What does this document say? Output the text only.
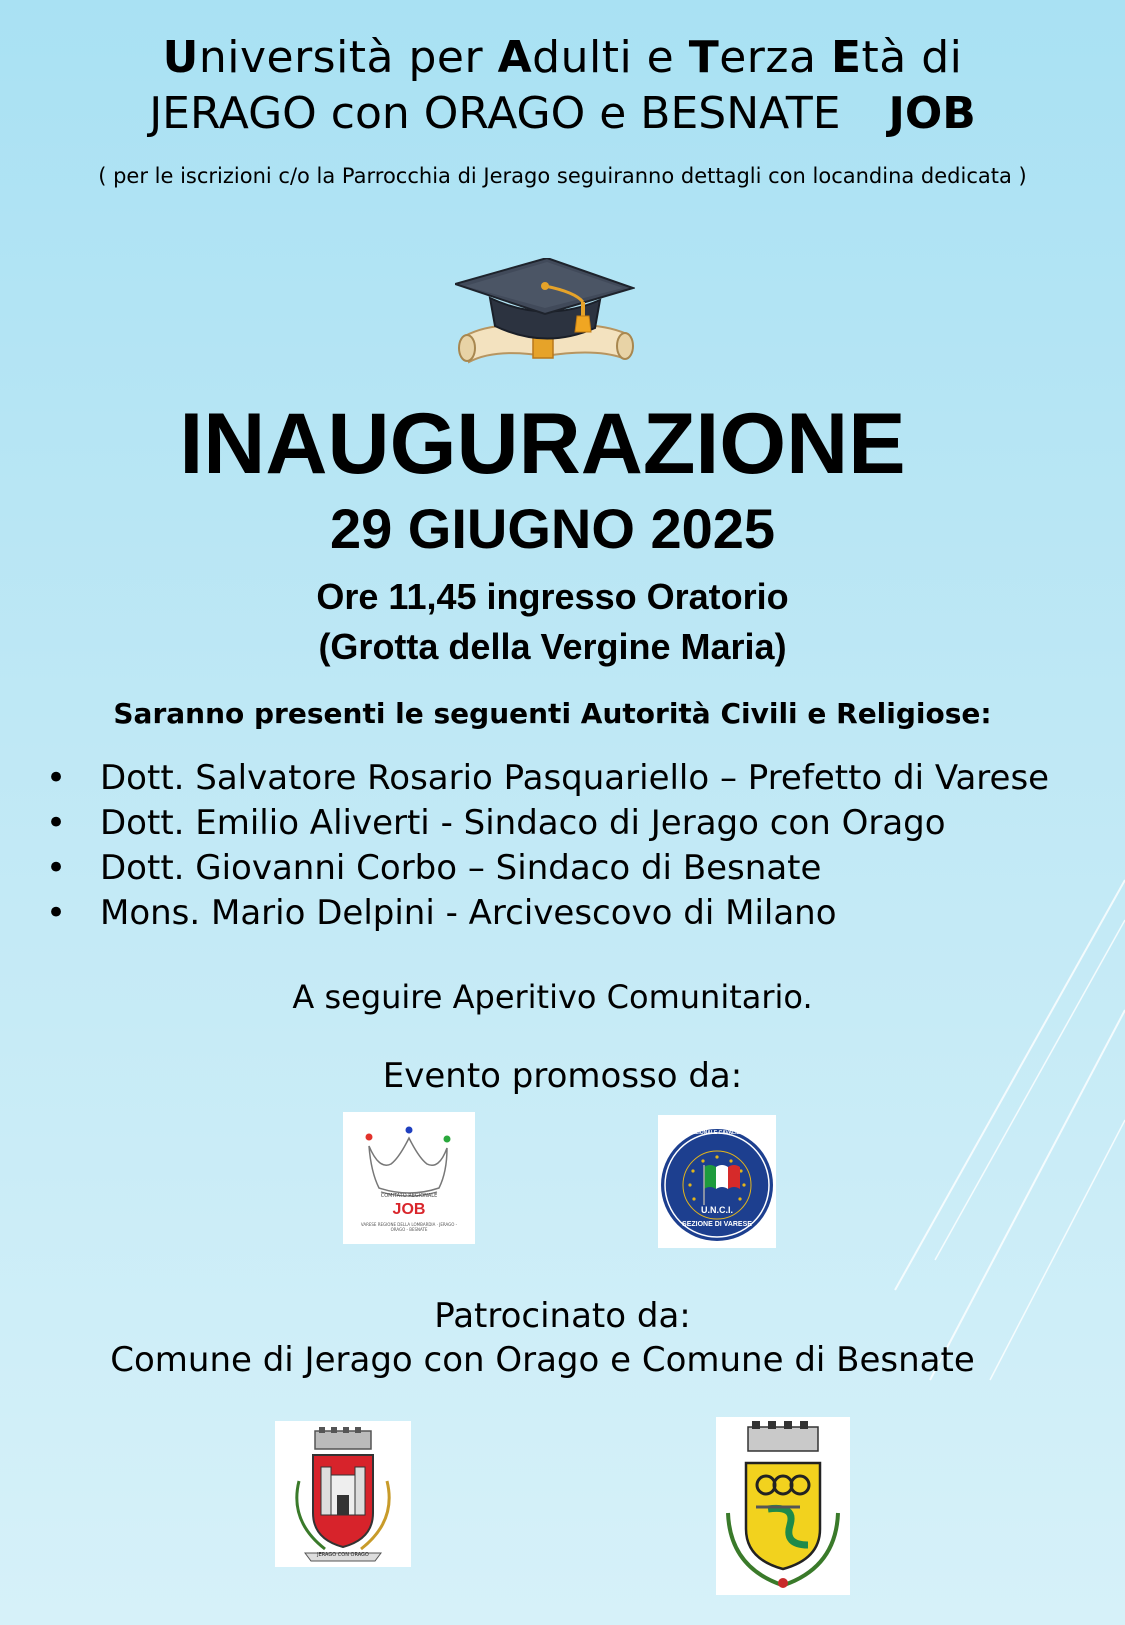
Università per Adulti e Terza Età di
JERAGO con ORAGO e BESNATE JOB
( per le iscrizioni c/o la Parrocchia di Jerago seguiranno dettagli con locandina dedicata )
INAUGURAZIONE
29 GIUGNO 2025
Ore 11,45 ingresso Oratorio
(Grotta della Vergine Maria)
Saranno presenti le seguenti Autorità Civili e Religiose:
• Dott. Salvatore Rosario Pasquariello – Prefetto di Varese
• Dott. Emilio Aliverti - Sindaco di Jerago con Orago
• Dott. Giovanni Corbo – Sindaco di Besnate
• Mons. Mario Delpini - Arcivescovo di Milano
A seguire Aperitivo Comunitario.
Evento promosso da:
COMITATO REGIONALE
JOB
VARESE REGIONE DELLA LOMBARDIA · JERAGO - ORAGO - BESNATE
UNIONE NAZIONALE CAVALIERI D'ITALIA
U.N.C.I.
SEZIONE DI VARESE
Patrocinato da:
Comune di Jerago con Orago e Comune di Besnate
JERAGO CON ORAGO
